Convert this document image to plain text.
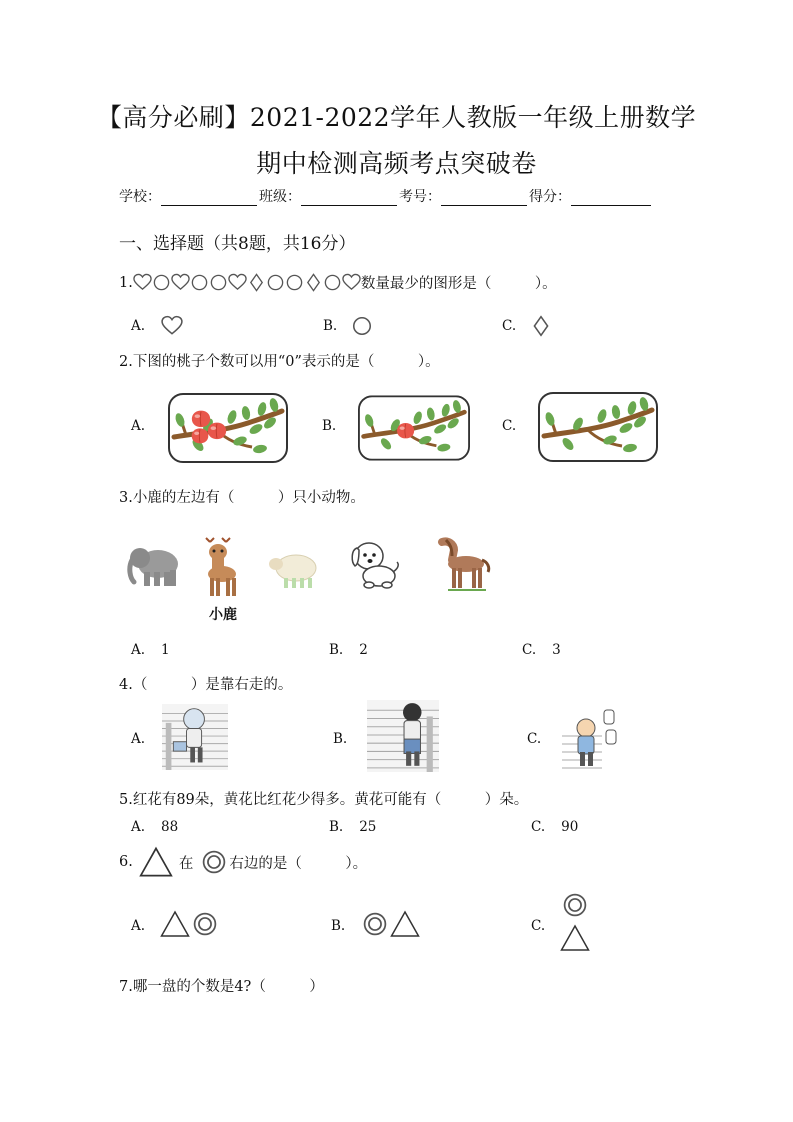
【高分必刷】2021-2022学年人教版一年级上册数学
期中检测高频考点突破卷
学校：	班级：	考号：	得分：
一、选择题（共8题，共16分）
1.	数量最少的图形是（　　　）。
A.	B.	C.
2.下图的桃子个数可以用“0”表示的是（　　　）。
A.	B.	C.
3.小鹿的左边有（　　　）只小动物。
小鹿
A. 1	B. 2	C. 3
4.（　　　）是靠右走的。
A.	B.	C.
5.红花有89朵，黄花比红花少得多。黄花可能有（　　　）朵。
A. 88	B. 25	C. 90
6.	在 右边的是（　　　）。
A.	B.	C.
7.哪一盘的个数是4?（　　　）
